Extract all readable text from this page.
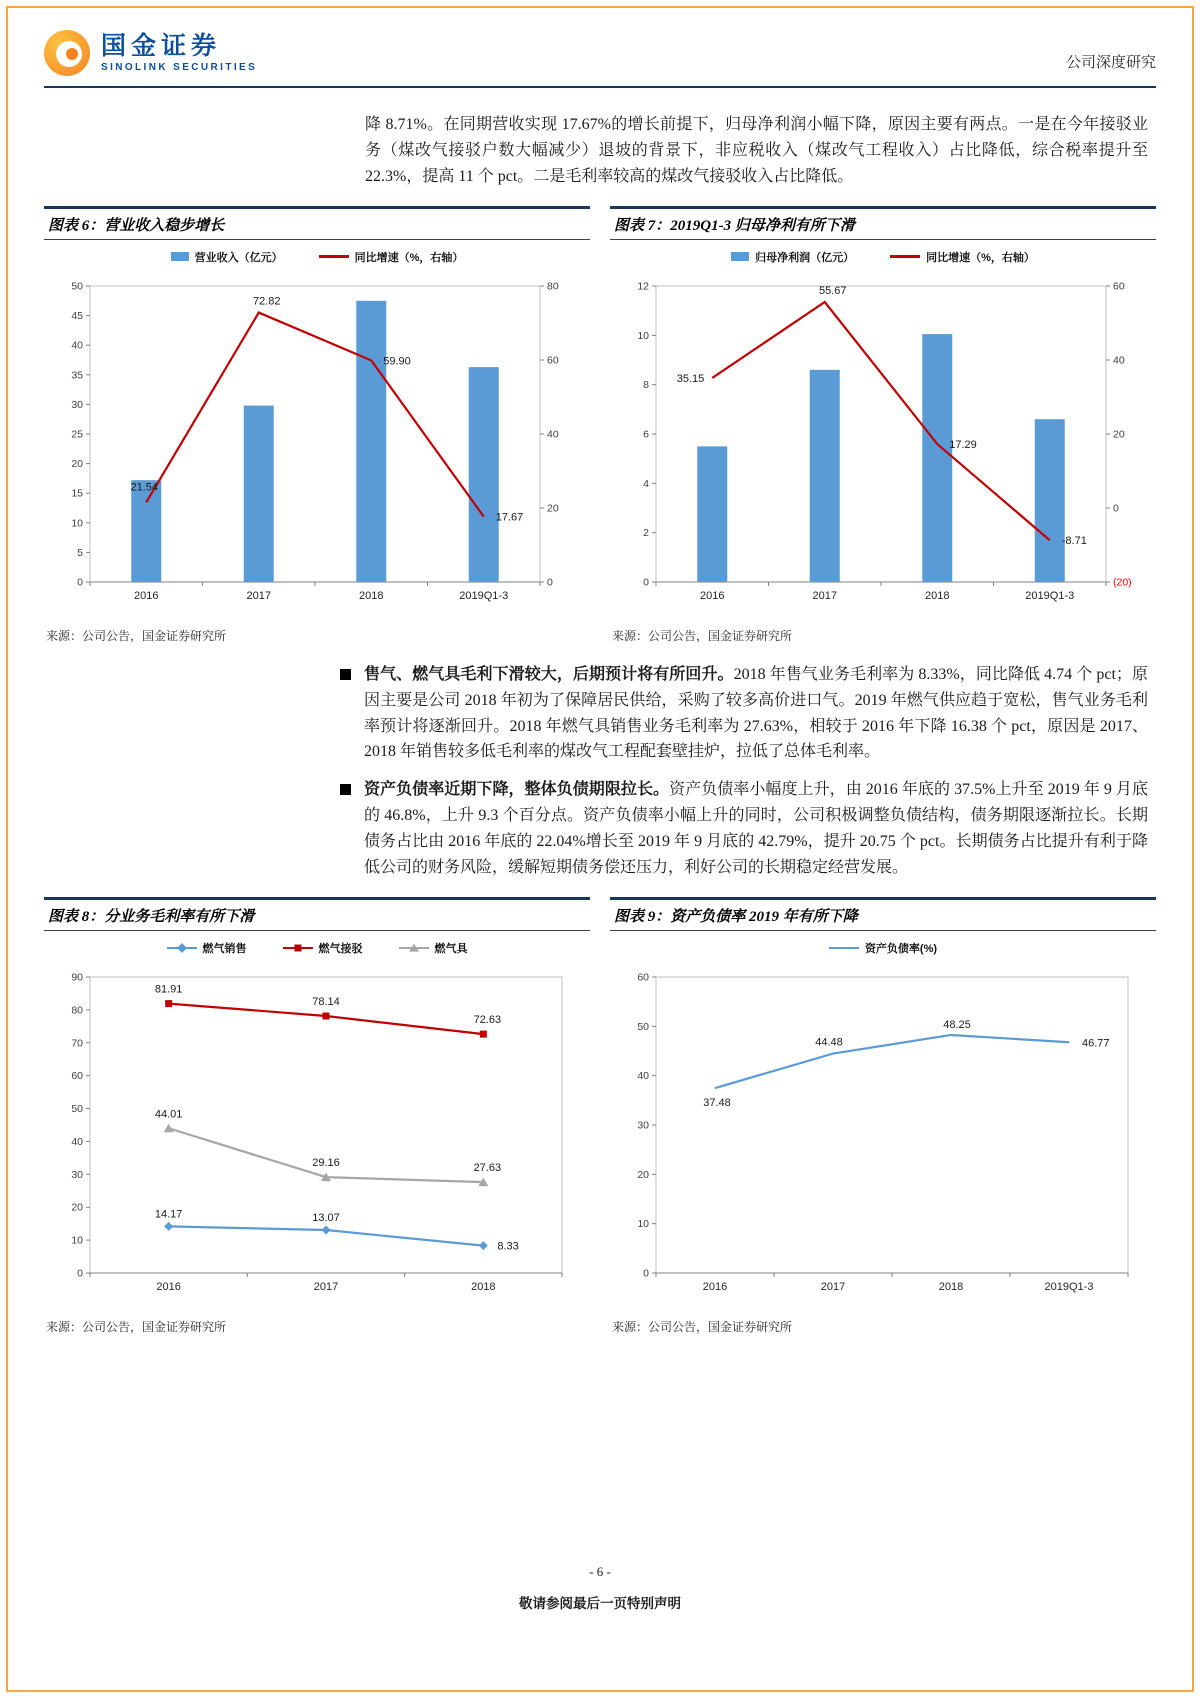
国金证券
SINOLINK SECURITIES	公司深度研究

降 8.71%。在同期营收实现 17.67%的增长前提下，归母净利润小幅下降，原因主要有两点。一是在今年接驳业务（煤改气接驳户数大幅减少）退坡的背景下，非应税收入（煤改气工程收入）占比降低，综合税率提升至 22.3%，提高 11 个 pct。二是毛利率较高的煤改气接驳收入占比降低。

图表 6：营业收入稳步增长
营业收入（亿元）	同比增速（%，右轴）
0
5
10
15
20
25
30
35
40
45
50
0
20
40
60
80
2016	2017	2018	2019Q1-3
21.54
72.82
59.90
17.67
来源：公司公告，国金证券研究所
图表 7：2019Q1-3 归母净利有所下滑
归母净利润（亿元）	同比增速（%，右轴）
0
2
4
6
8
10
12	60
40
20
0
(20)
2016	2017	2018	2019Q1-3
35.15
55.67
17.29
-8.71
来源：公司公告，国金证券研究所

售气、燃气具毛利下滑较大，后期预计将有所回升。2018 年售气业务毛利率为 8.33%，同比降低 4.74 个 pct；原因主要是公司 2018 年初为了保障居民供给，采购了较多高价进口气。2019 年燃气供应趋于宽松，售气业务毛利率预计将逐渐回升。2018 年燃气具销售业务毛利率为 27.63%，相较于 2016 年下降 16.38 个 pct，原因是 2017、2018 年销售较多低毛利率的煤改气工程配套壁挂炉，拉低了总体毛利率。

资产负债率近期下降，整体负债期限拉长。资产负债率小幅度上升，由 2016 年底的 37.5%上升至 2019 年 9 月底的 46.8%，上升 9.3 个百分点。资产负债率小幅上升的同时，公司积极调整负债结构，债务期限逐渐拉长。长期债务占比由 2016 年底的 22.04%增长至 2019 年 9 月底的 42.79%，提升 20.75 个 pct。长期债务占比提升有利于降低公司的财务风险，缓解短期债务偿还压力，利好公司的长期稳定经营发展。

图表 8：分业务毛利率有所下滑
燃气销售	燃气接驳	燃气具
0
10
20
30
40
50
60
70
80
90
2016	2017	2018
14.17	13.07
8.33
81.91
78.14
72.63
44.01
29.16	27.63
来源：公司公告，国金证券研究所
图表 9：资产负债率 2019 年有所下降
资产负债率(%)
0
10
20
30
40
50
60
2016	2017	2018	2019Q1-3
37.48
44.48
48.25
46.77
来源：公司公告，国金证券研究所
- 6 -
敬请参阅最后一页特别声明
